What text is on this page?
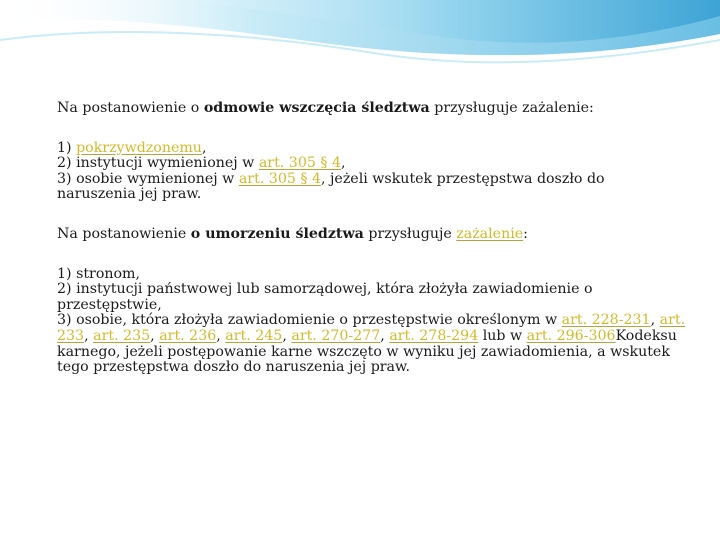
Na postanowienie o odmowie wszczęcia śledztwa przysługuje zażalenie:

1) pokrzywdzonemu,
2) instytucji wymienionej w art. 305 § 4,
3) osobie wymienionej w art. 305 § 4, jeżeli wskutek przestępstwa doszło do naruszenia jej praw.

Na postanowienie o umorzeniu śledztwa przysługuje zażalenie:

1) stronom,
2) instytucji państwowej lub samorządowej, która złożyła zawiadomienie o przestępstwie,
3) osobie, która złożyła zawiadomienie o przestępstwie określonym w art. 228-231, art. 233, art. 235, art. 236, art. 245, art. 270-277, art. 278-294 lub w art. 296-306Kodeksu karnego, jeżeli postępowanie karne wszczęto w wyniku jej zawiadomienia, a wskutek tego przestępstwa doszło do naruszenia jej praw.
